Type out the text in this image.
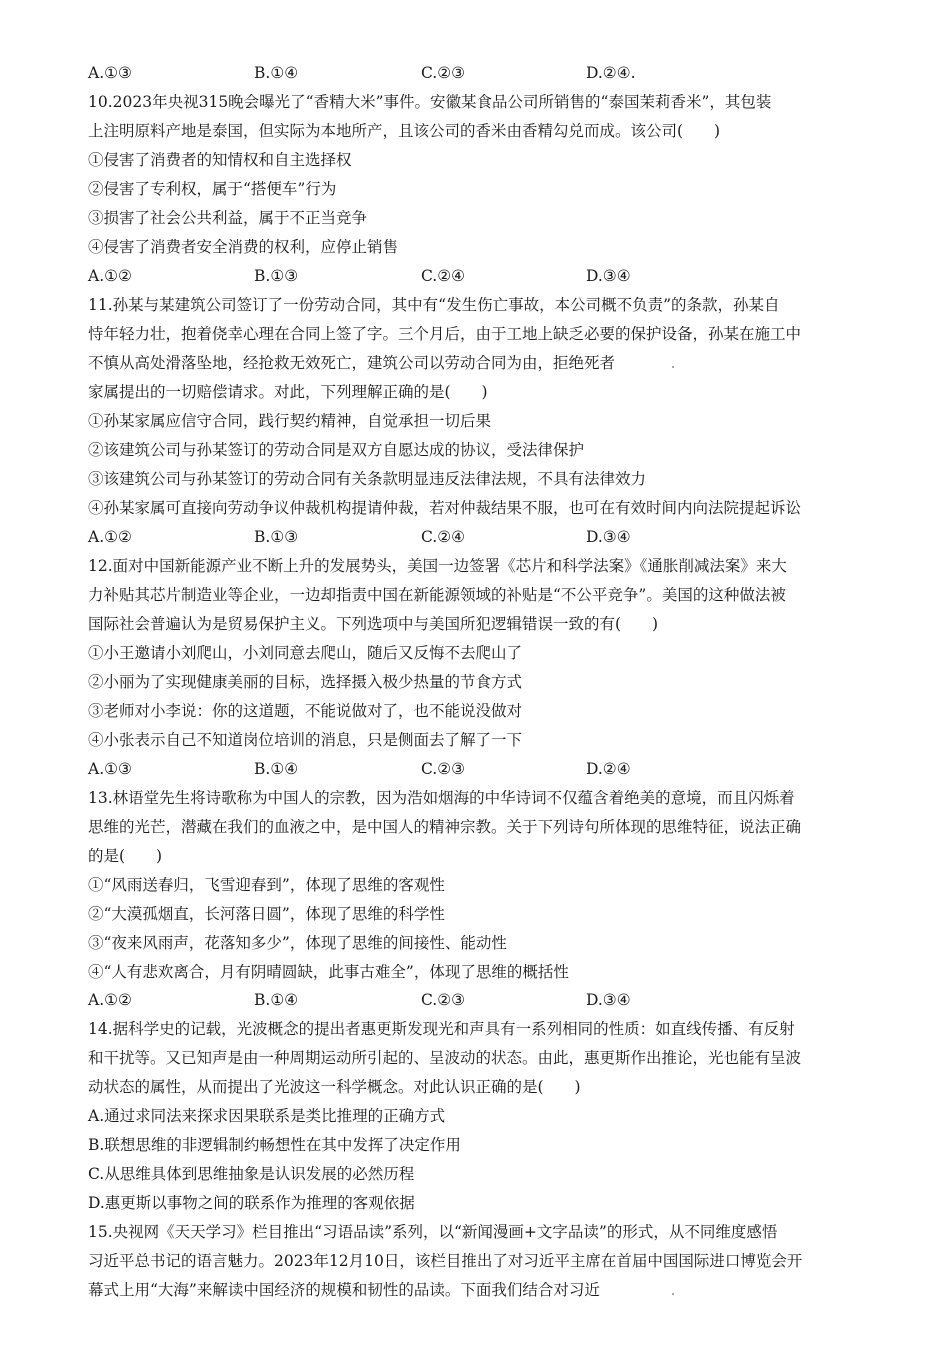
A.①③	B.①④	C.②③	D.②④.
10.2023年央视315晚会曝光了“香精大米”事件。安徽某食品公司所销售的“泰国茉莉香米”，其包装
上注明原料产地是泰国，但实际为本地所产，且该公司的香米由香精勾兑而成。该公司(　　)
①侵害了消费者的知情权和自主选择权
②侵害了专利权，属于“搭便车”行为
③损害了社会公共利益，属于不正当竞争
④侵害了消费者安全消费的权利，应停止销售
A.①②	B.①③	C.②④	D.③④
11.孙某与某建筑公司签订了一份劳动合同，其中有“发生伤亡事故，本公司概不负责”的条款，孙某自
恃年轻力壮，抱着侥幸心理在合同上签了字。三个月后，由于工地上缺乏必要的保护设备，孙某在施工中
不慎从高处滑落坠地，经抢救无效死亡，建筑公司以劳动合同为由，拒绝死者
家属提出的一切赔偿请求。对此，下列理解正确的是(　　)
①孙某家属应信守合同，践行契约精神，自觉承担一切后果
②该建筑公司与孙某签订的劳动合同是双方自愿达成的协议，受法律保护
③该建筑公司与孙某签订的劳动合同有关条款明显违反法律法规，不具有法律效力
④孙某家属可直接向劳动争议仲裁机构提请仲裁，若对仲裁结果不服，也可在有效时间内向法院提起诉讼
A.①②	B.①③	C.②④	D.③④
12.面对中国新能源产业不断上升的发展势头，美国一边签署《芯片和科学法案》《通胀削减法案》来大
力补贴其芯片制造业等企业，一边却指责中国在新能源领域的补贴是“不公平竞争”。美国的这种做法被
国际社会普遍认为是贸易保护主义。下列选项中与美国所犯逻辑错误一致的有(　　)
①小王邀请小刘爬山，小刘同意去爬山，随后又反悔不去爬山了
②小丽为了实现健康美丽的目标，选择摄入极少热量的节食方式
③老师对小李说：你的这道题，不能说做对了，也不能说没做对
④小张表示自己不知道岗位培训的消息，只是侧面去了解了一下
A.①③	B.①④	C.②③	D.②④
13.林语堂先生将诗歌称为中国人的宗教，因为浩如烟海的中华诗词不仅蕴含着绝美的意境，而且闪烁着
思维的光芒，潜藏在我们的血液之中，是中国人的精神宗教。关于下列诗句所体现的思维特征，说法正确
的是(　　)
①“风雨送春归，飞雪迎春到”，体现了思维的客观性
②“大漠孤烟直，长河落日圆”，体现了思维的科学性
③“夜来风雨声，花落知多少”，体现了思维的间接性、能动性
④“人有悲欢离合，月有阴晴圆缺，此事古难全”，体现了思维的概括性
A.①②	B.①④	C.②③	D.③④
14.据科学史的记载，光波概念的提出者惠更斯发现光和声具有一系列相同的性质：如直线传播、有反射
和干扰等。又已知声是由一种周期运动所引起的、呈波动的状态。由此，惠更斯作出推论，光也能有呈波
动状态的属性，从而提出了光波这一科学概念。对此认识正确的是(　　)
A.通过求同法来探求因果联系是类比推理的正确方式
B.联想思维的非逻辑制约畅想性在其中发挥了决定作用
C.从思维具体到思维抽象是认识发展的必然历程
D.惠更斯以事物之间的联系作为推理的客观依据
15.央视网《天天学习》栏目推出“习语品读”系列，以“新闻漫画+文字品读”的形式，从不同维度感悟
习近平总书记的语言魅力。2023年12月10日，该栏目推出了对习近平主席在首届中国国际进口博览会开
幕式上用“大海”来解读中国经济的规模和韧性的品读。下面我们结合对习近
